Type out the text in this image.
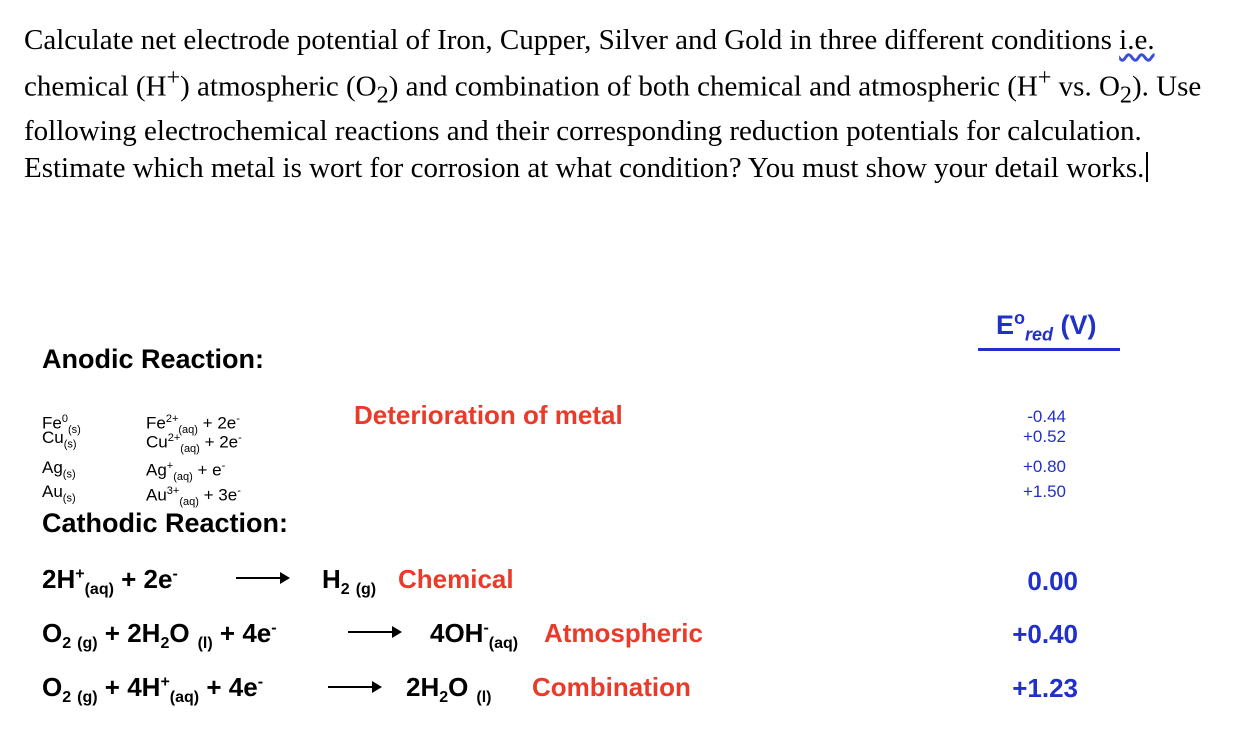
Calculate net electrode potential of Iron, Cupper, Silver and Gold in three different conditions i.e. chemical (H+) atmospheric $(O_2)$ and combination of both chemical and atmospheric (H+ vs. $O_2$). Use following electrochemical reactions and their corresponding reduction potentials for calculation. Estimate which metal is wort for corrosion at what condition? You must show your detail works.
$E^o_{red}$ (V)
Anodic Reaction:
Deterioration of metal
$Fe^0_{(s)}$	$Fe^{2+}_{(aq)} + 2e^-$	-0.44
$Cu_{(s)}$	$Cu^{2+}_{(aq)} + 2e^-$	+0.52
$Ag_{(s)}$	$Ag^+_{(aq)} + e^-$	+0.80
$Au_{(s)}$	$Au^{3+}_{(aq)} + 3e^-$	+1.50
Cathodic Reaction:
$2H^+_{(aq)} + 2e^-$	$H_2$ $_{(g)}$ Chemical	0.00
$O_2$ $_{(g)} + 2H_2O$ $_{(l)}$ + 4e-	$4OH^-_{(aq)}$ Atmospheric	+0.40
$O_2$ $_{(g)} + 4H^+_{(aq)} + 4e^-$	$2H_2O$ $_{(l)}$ Combination	+1.23
